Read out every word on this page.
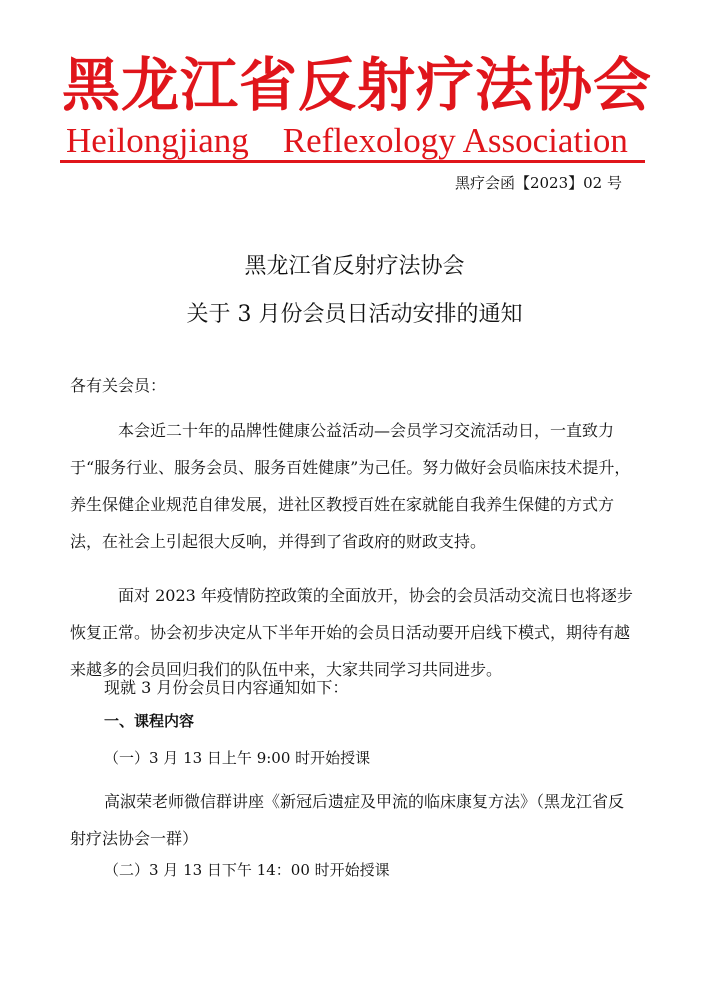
黑龙江省反射疗法协会
Heilongjiang Reflexology Association
黑疗会函【2023】02 号
黑龙江省反射疗法协会
关于 3 月份会员日活动安排的通知
各有关会员：
本会近二十年的品牌性健康公益活动—会员学习交流活动日，一直致力于“服务行业、服务会员、服务百姓健康”为己任。努力做好会员临床技术提升，养生保健企业规范自律发展，进社区教授百姓在家就能自我养生保健的方式方法，在社会上引起很大反响，并得到了省政府的财政支持。
面对 2023 年疫情防控政策的全面放开，协会的会员活动交流日也将逐步恢复正常。协会初步决定从下半年开始的会员日活动要开启线下模式，期待有越来越多的会员回归我们的队伍中来，大家共同学习共同进步。
现就 3 月份会员日内容通知如下：
一、课程内容
（一）3 月 13 日上午 9:00 时开始授课
高淑荣老师微信群讲座《新冠后遗症及甲流的临床康复方法》（黑龙江省反
射疗法协会一群）
（二）3 月 13 日下午 14：00 时开始授课
